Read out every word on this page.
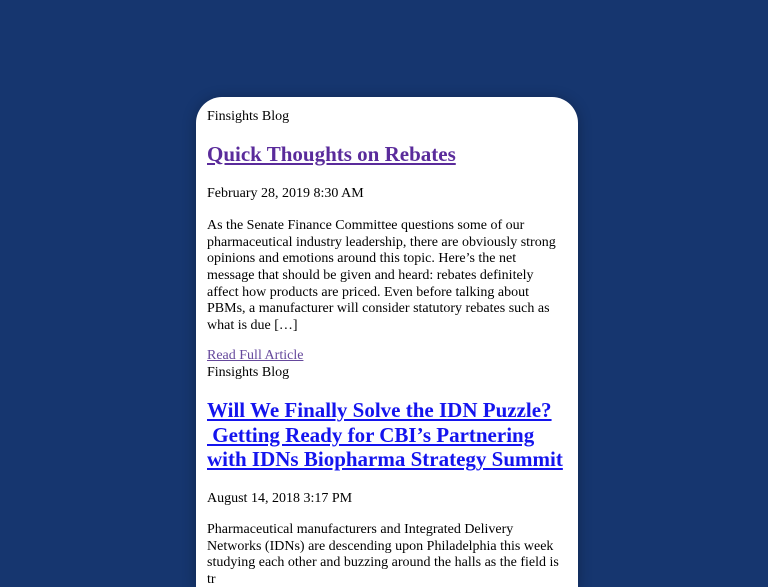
Finsights Blog
Quick Thoughts on Rebates
February 28, 2019 8:30 AM

As the Senate Finance Committee questions some of our pharmaceutical industry leadership, there are obviously strong opinions and emotions around this topic. Here’s the net message that should be given and heard: rebates definitely affect how products are priced. Even before talking about PBMs, a manufacturer will consider statutory rebates such as what is due […]

Read Full Article
Finsights Blog
Will We Finally Solve the IDN Puzzle?  Getting Ready for CBI’s Partnering with IDNs Biopharma Strategy Summit
August 14, 2018 3:17 PM

Pharmaceutical manufacturers and Integrated Delivery Networks (IDNs) are descending upon Philadelphia this week studying each other and buzzing around the halls as the field is tr
